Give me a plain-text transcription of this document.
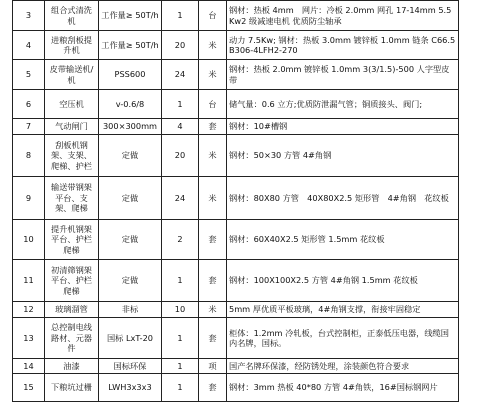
3	组合式清洗机	工作量≥ 50T/h	1	台	钢材：热板 4mm　网片：冷板 2.0mm 网孔 17-14mm 5.5Kw2 级减速电机 优质防尘轴承
4	进粮刮板提升机	工作量≥ 50T/h	20	米	动力 7.5Kw; 钢材：热板 3.0mm 镀锌板 1.0mm 链条 C66.5B306-4LFH2-270
5	皮带输送机/机	PSS600	24	米	钢材：热板 2.0mm 镀锌板 1.0mm 3(3/1.5)-500 人字型皮带
6	空压机	v-0.6/8	1	台	储气量：0.6 立方;优质防泄漏气管；铜质接头、阀门;
7	气动闸门	300×300mm	4	套	钢材：10#槽钢
8	刮板机钢架、支架、爬梯、护栏	定做	20	米	钢材：50×30 方管 4#角钢
9	输送带钢架平台、支架、爬梯	定做	24	米	钢材：80X80 方管　40X80X2.5 矩形管　4#角钢　花纹板
10	提升机钢架平台、护栏爬梯	定做	2	套	钢材：60X40X2.5 矩形管 1.5mm 花纹板
11	初清筛钢架平台、护栏爬梯	定做	1	套	钢材：100X100X2.5 方管 4#角钢 1.5mm 花纹板
12	玻璃溜管	非标	10	米	5mm 厚优质平板玻璃，4#角钢支撑，衔接牢固稳定
13	总控制电线路材、元器件	国标 LxT-20	1	套	柜体：1.2mm 冷轧板，台式控制柜，正泰低压电器，线缆国内名牌，国标。
14	油漆	国标环保	1	项	国产名牌环保漆，经防锈处理，涂装颜色符合要求
15	下粮坑过栅	LWH3x3x3	1	套	钢材：3mm 热板 40*80 方管 4#角铁，16#国标钢网片
